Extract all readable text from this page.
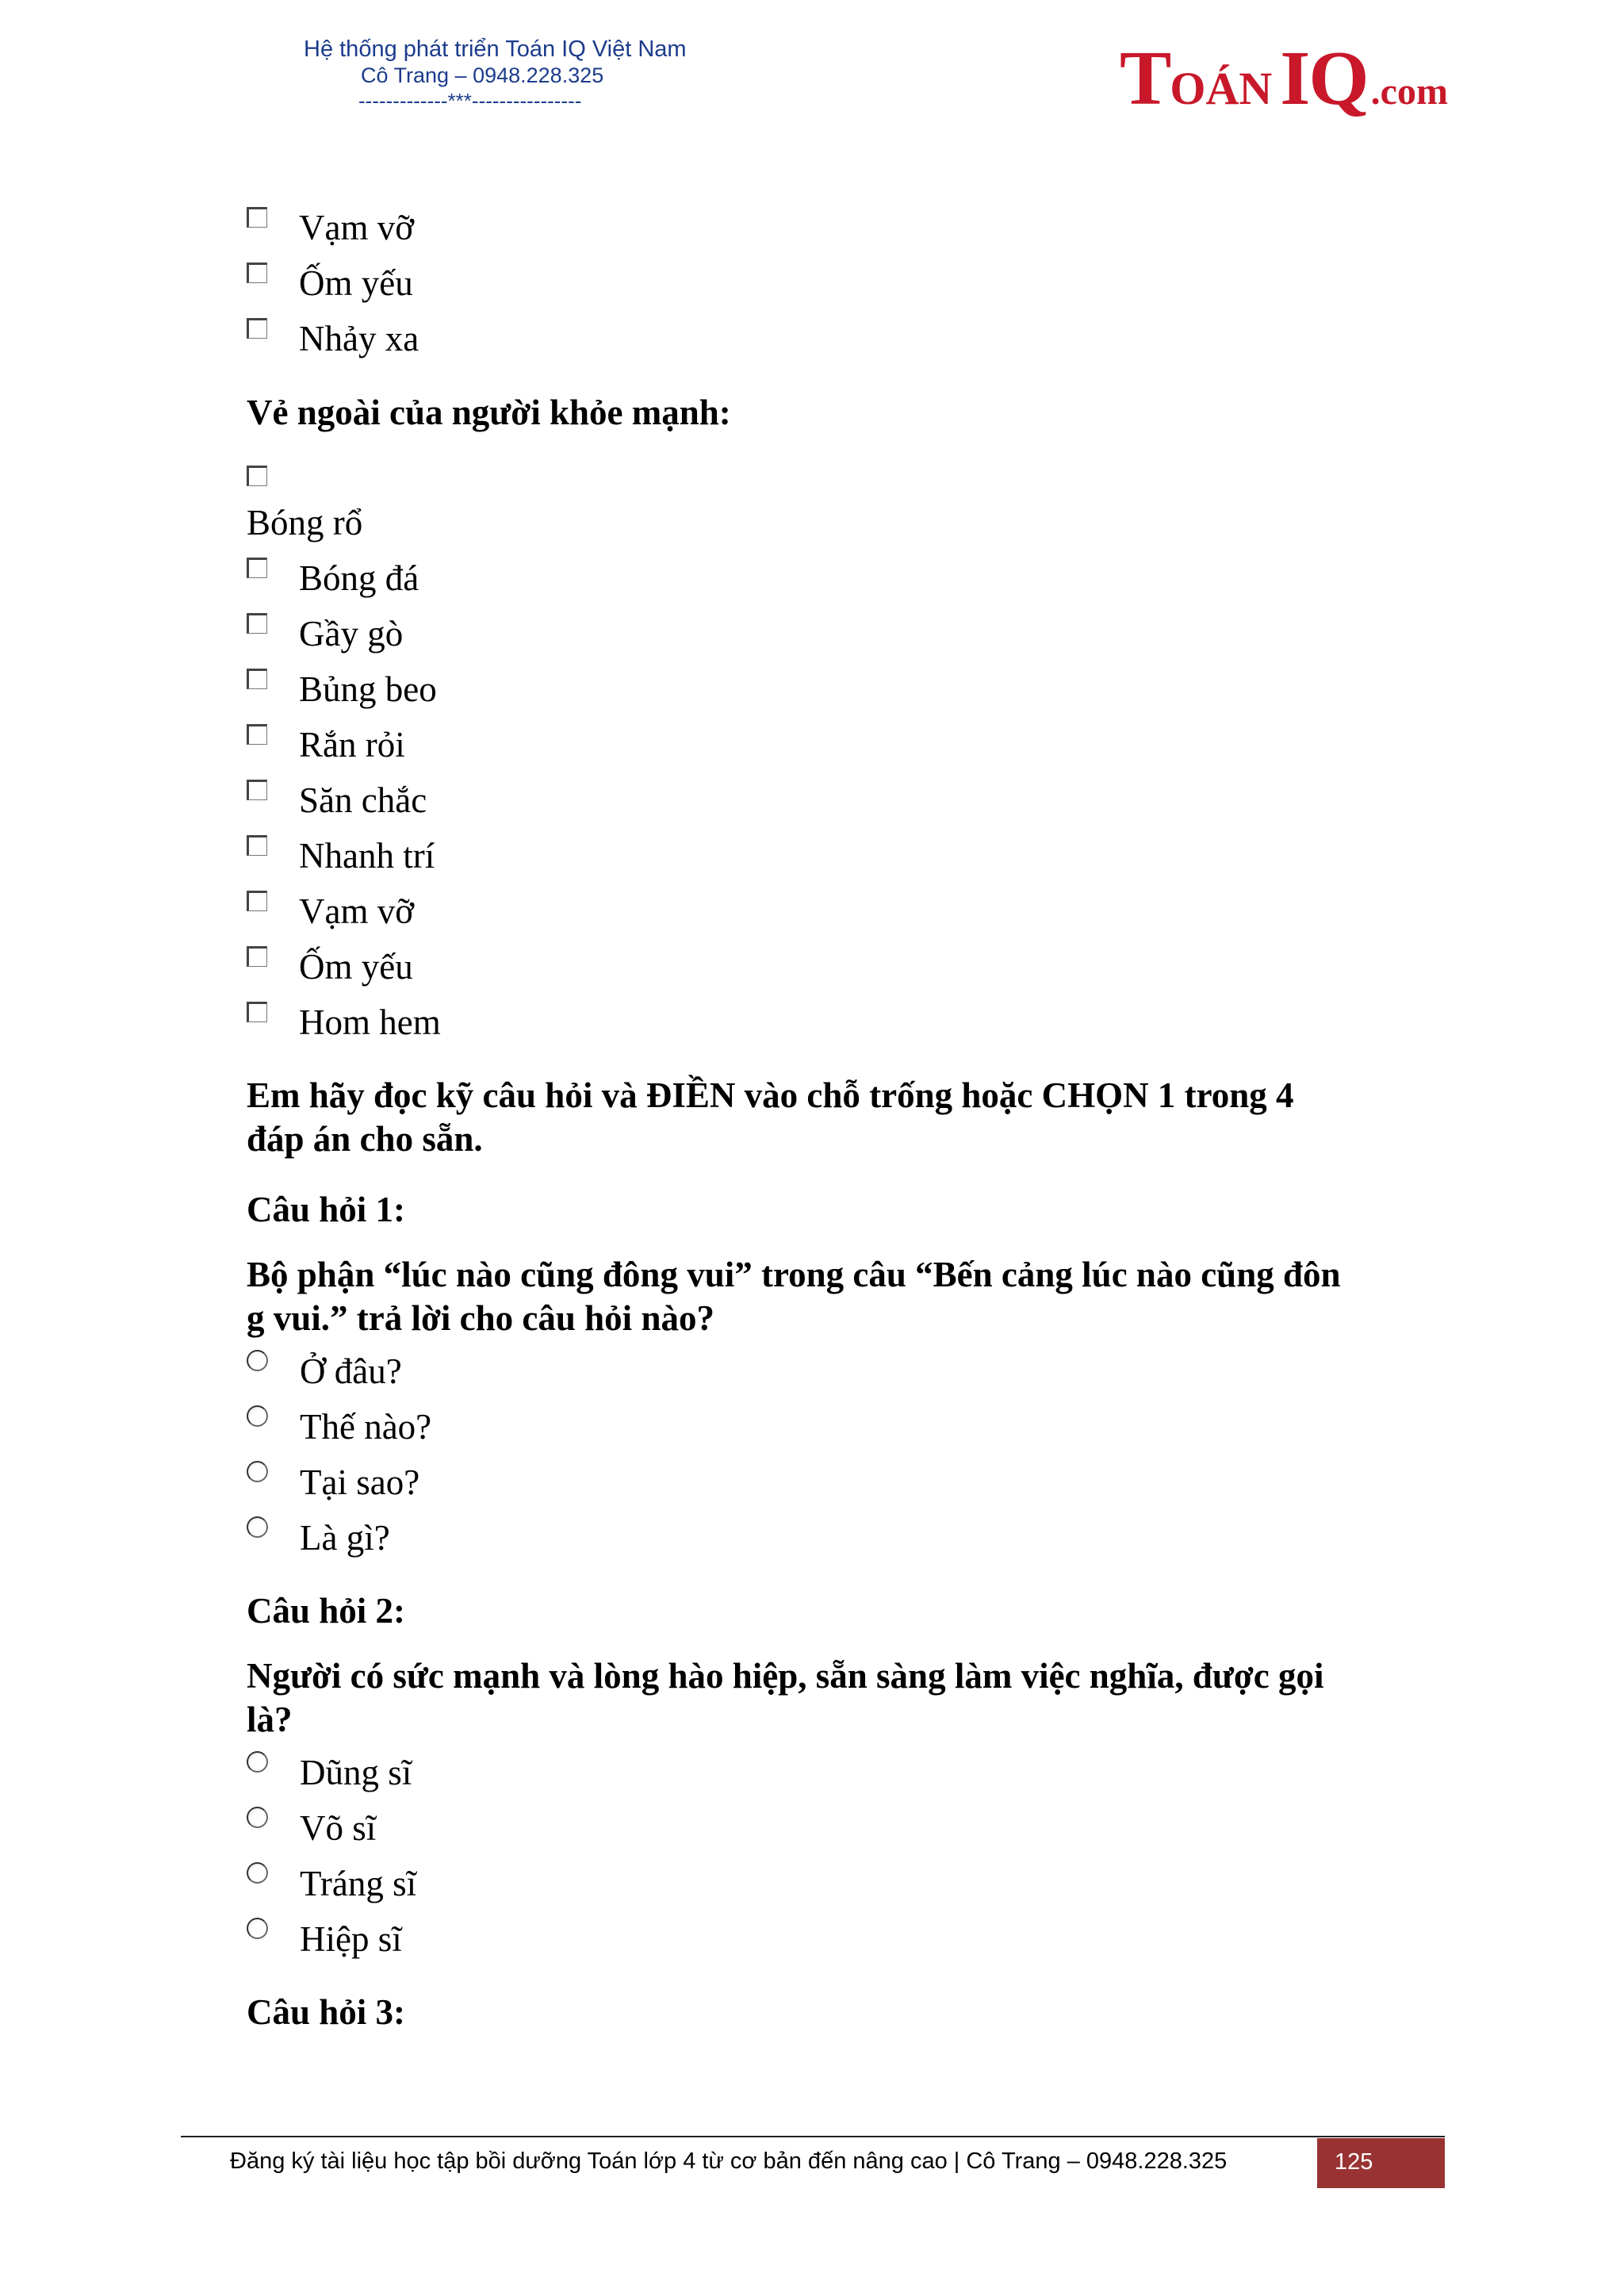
Hệ thống phát triển Toán IQ Việt Nam
Cô Trang – 0948.228.325
-------------***----------------	TOÁN IQ.com
Vạm vỡ
Ốm yếu
Nhảy xa
Vẻ ngoài của người khỏe mạnh:
Bóng rổ
Bóng đá
Gầy gò
Bủng beo
Rắn rỏi
Săn chắc
Nhanh trí
Vạm vỡ
Ốm yếu
Hom hem
Em hãy đọc kỹ câu hỏi và ĐIỀN vào chỗ trống hoặc CHỌN 1 trong 4
đáp án cho sẵn.
Câu hỏi 1:
Bộ phận “lúc nào cũng đông vui” trong câu “Bến cảng lúc nào cũng đôn
g vui.” trả lời cho câu hỏi nào?
Ở đâu?
Thế nào?
Tại sao?
Là gì?
Câu hỏi 2:
Người có sức mạnh và lòng hào hiệp, sẵn sàng làm việc nghĩa, được gọi
là?
Dũng sĩ
Võ sĩ
Tráng sĩ
Hiệp sĩ
Câu hỏi 3:
Đăng ký tài liệu học tập bồi dưỡng Toán lớp 4 từ cơ bản đến nâng cao | Cô Trang – 0948.228.325	125
